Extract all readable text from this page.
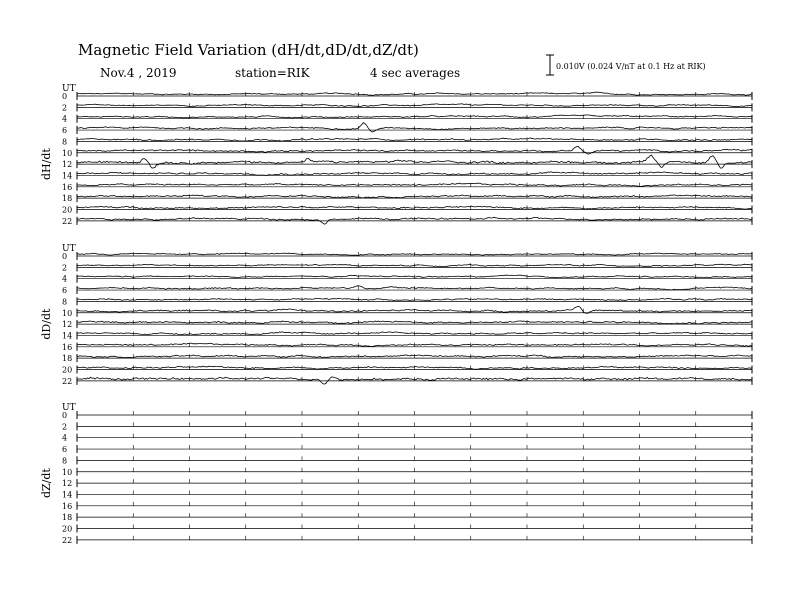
Magnetic Field Variation (dH/dt,dD/dt,dZ/dt)
Nov.4 , 2019	station=RIK	4 sec averages	0.010V (0.024 V/nT at 0.1 Hz at RIK)
UT
dH/dt
0
2
4
6
8
10
12
14
16
18
20
22
UT
dD/dt
0
2
4
6
8
10
12
14
16
18
20
22
UT
dZ/dt
0
2
4
6
8
10
12
14
16
18
20
22
